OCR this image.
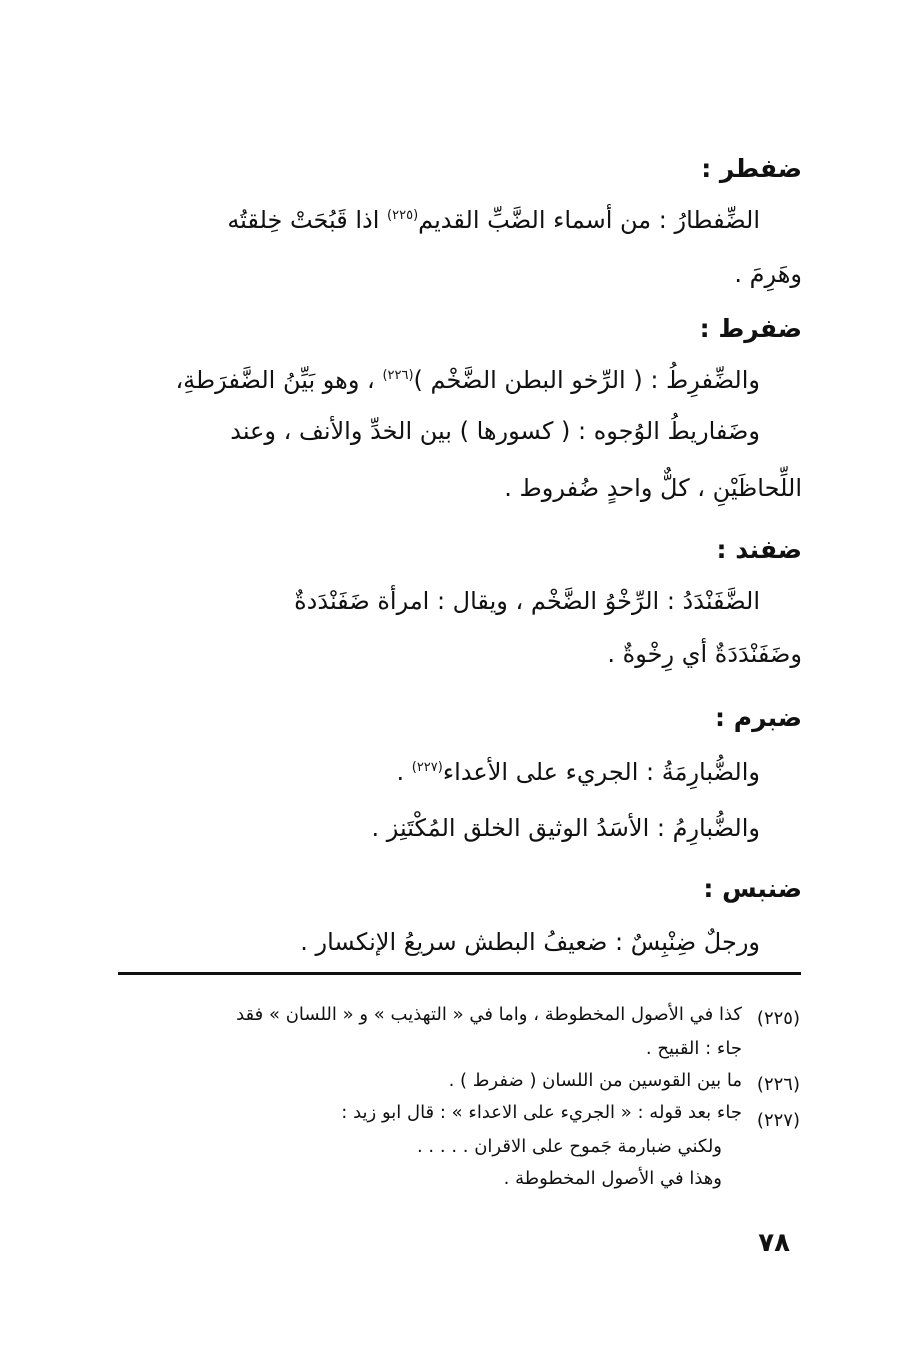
ضفطر :
الضِّفطارُ : من أسماء الضَّبِّ القديم$^{(٢٢٥)}$ اذا قَبُحَتْ خِلقتُه
وهَرِمَ .
ضفرط :
والضِّفرِطُ : ( الرِّخو البطن الضَّخْم )$^{(٢٢٦)}$ ، وهو بَيِّنُ الضَّفرَطةِ،
وضَفاريطُ الوُجوه : ( كسورها ) بين الخدِّ والأنف ، وعند
اللِّحاظَيْنِ ، كلٌّ واحدٍ ضُفروط .
ضفند :
الضَّفَنْدَدُ : الرِّخْوُ الضَّخْم ، ويقال : امرأة ضَفَنْدَدةٌ
وضَفَنْدَدَةٌ أي رِخْوةٌ .
ضبرم :
والضُّبارِمَةُ : الجريء على الأعداء$^{(٢٢٧)}$ .
والضُّبارِمُ : الأسَدُ الوثيق الخلق المُكْتَنِز .
ضنبس :
ورجلٌ ضِنْبِسٌ : ضعيفُ البطش سريعُ الإنكسار .
(٢٢٥)
كذا في الأصول المخطوطة ، واما في « التهذيب » و « اللسان » فقد
جاء : القبيح .
(٢٢٦)
ما بين القوسين من اللسان ( ضفرط ) .
(٢٢٧)
جاء بعد قوله : « الجريء على الاعداء » : قال ابو زيد :
ولكني ضبارمة جَموح على الاقران . . . . .
وهذا في الأصول المخطوطة .
٧٨
